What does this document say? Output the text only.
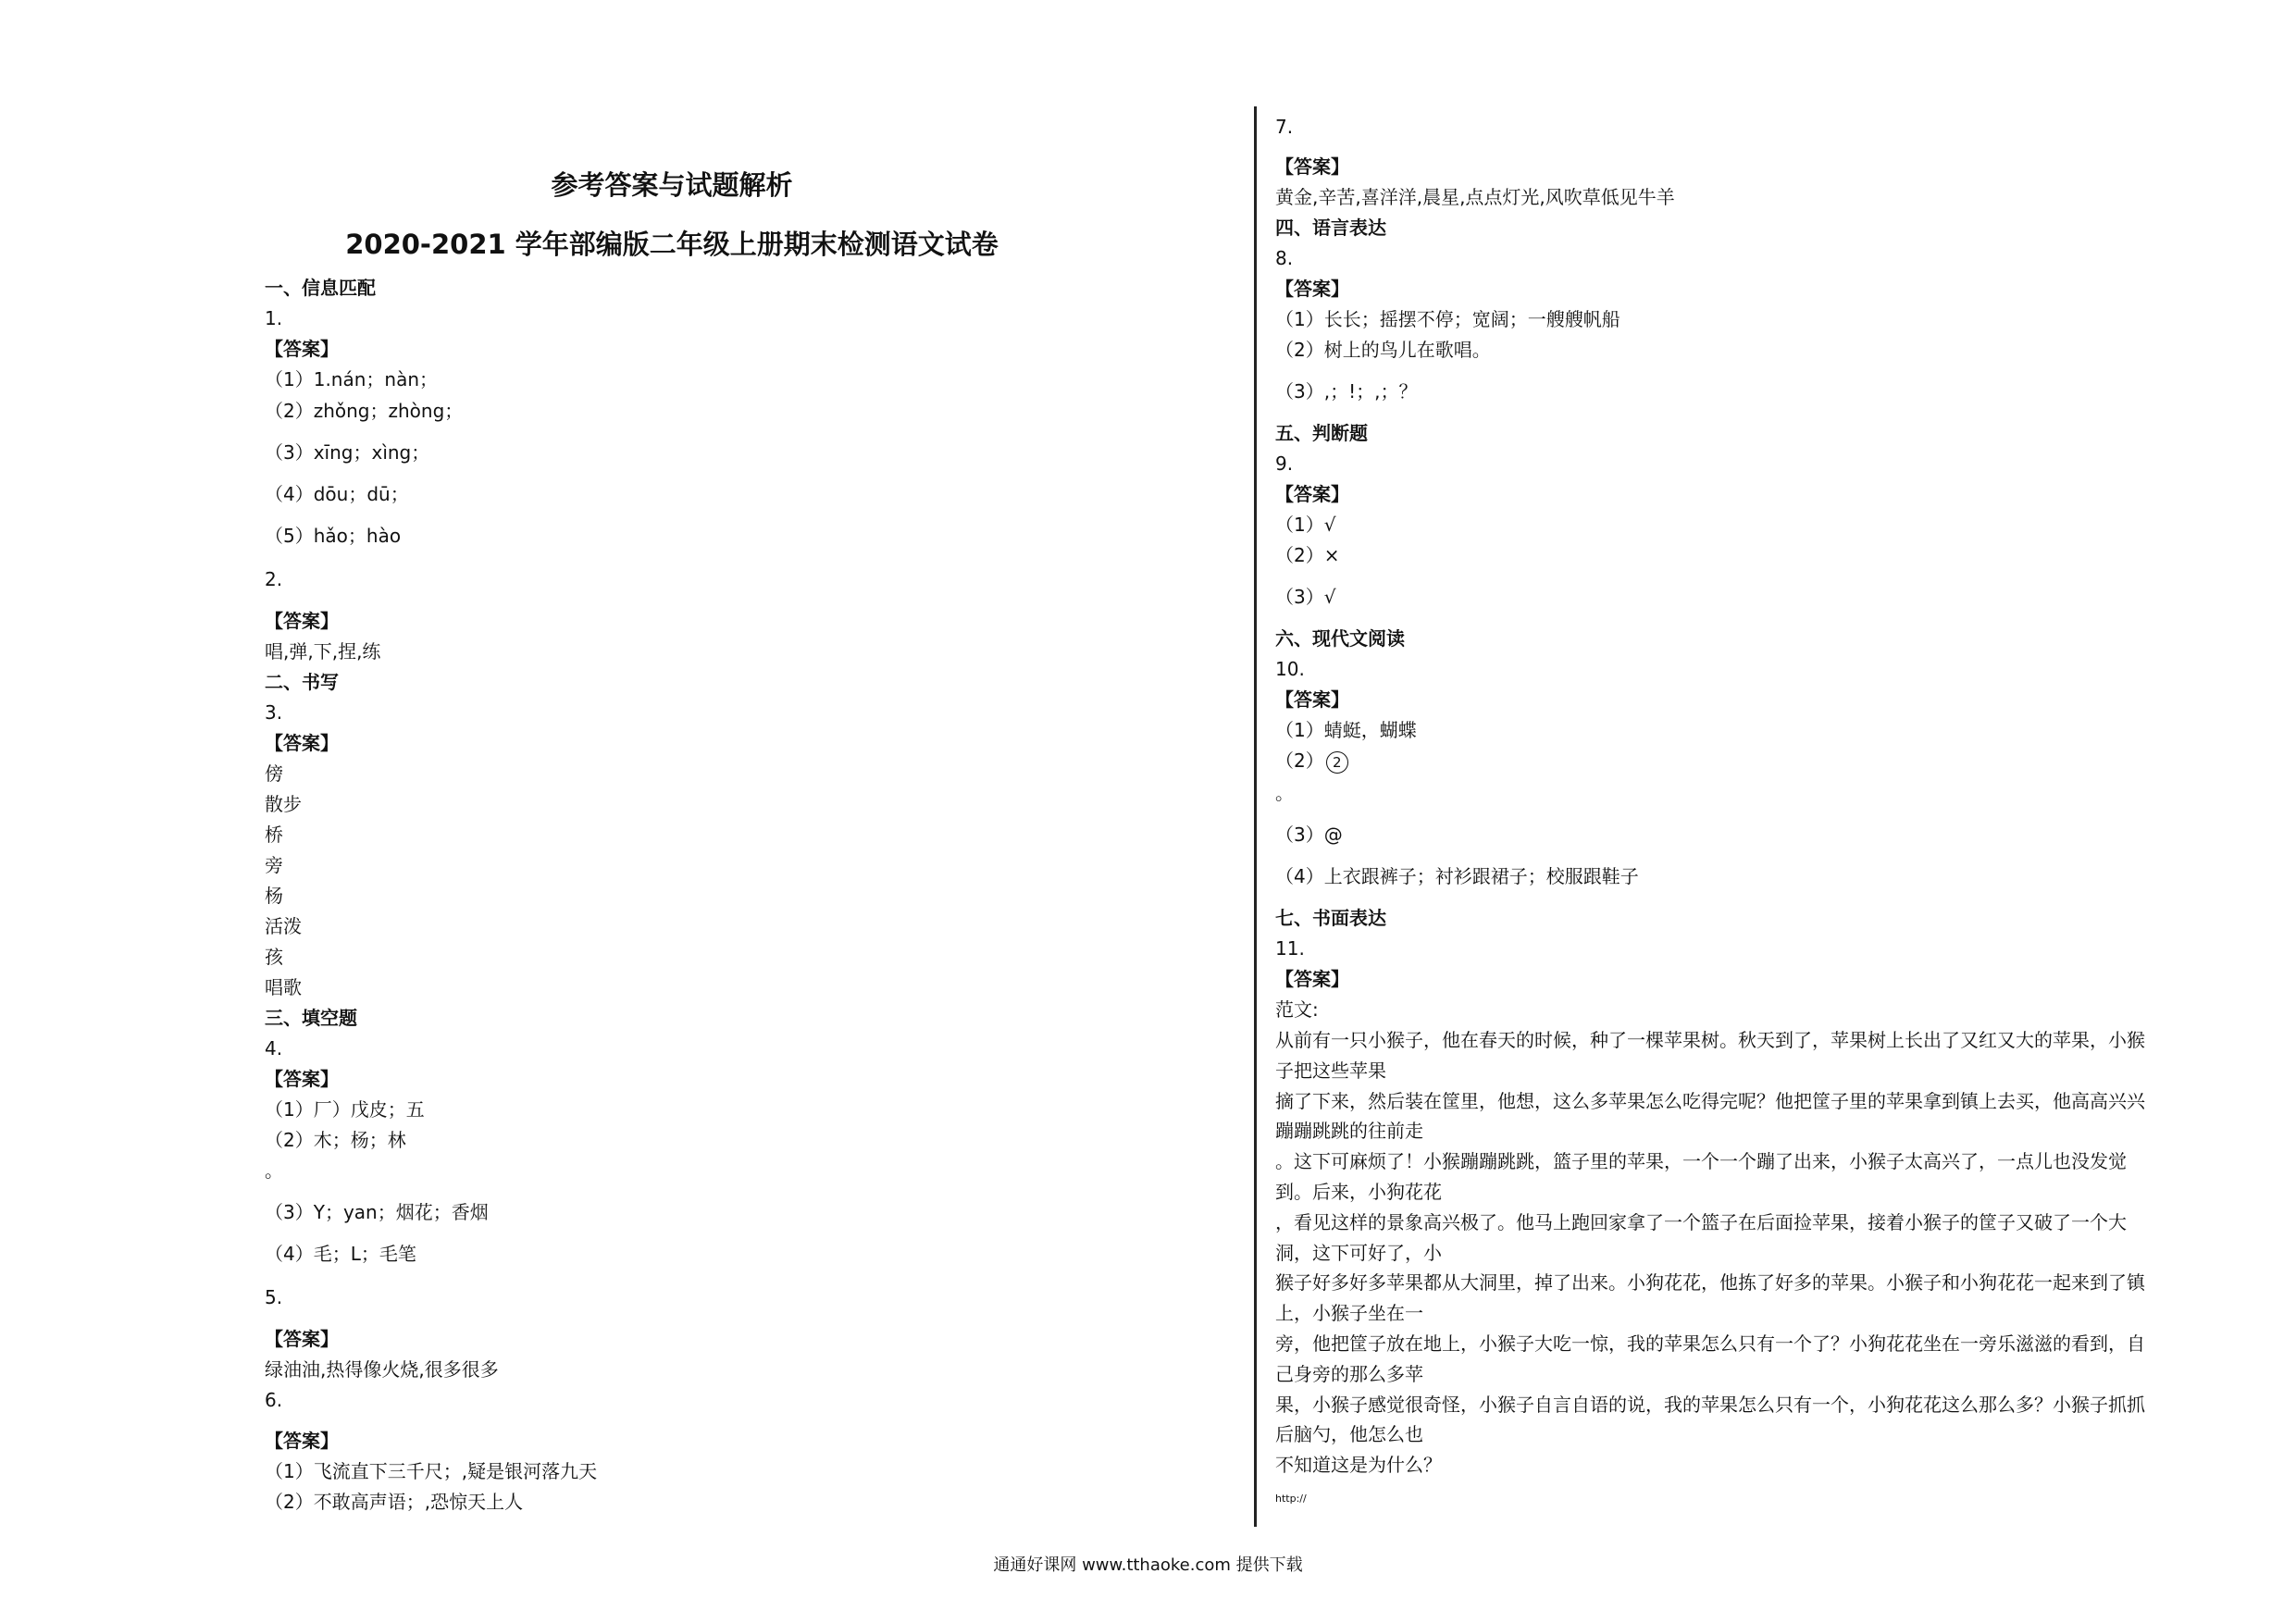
参考答案与试题解析
2020-2021 学年部编版二年级上册期末检测语文试卷
一、信息匹配
1.
【答案】
（1）1.nán；nàn；
（2）zhǒng；zhòng；
（3）xīng；xìng；
（4）dōu；dū；
（5）hǎo；hào
2.
【答案】
唱,弹,下,捏,练
二、书写
3.
【答案】
傍
散步
桥
旁
杨
活泼
孩
唱歌
三、填空题
4.
【答案】
（1）厂）戊皮；五
（2）木；杨；林
。
（3）Y；yan；烟花；香烟
（4）毛；L；毛笔
5.
【答案】
绿油油,热得像火烧,很多很多
6.
【答案】
（1）飞流直下三千尺；,疑是银河落九天
（2）不敢高声语；,恐惊天上人
7.
【答案】
黄金,辛苦,喜洋洋,晨星,点点灯光,风吹草低见牛羊
四、语言表达
8.
【答案】
（1）长长；摇摆不停；宽阔；一艘艘帆船
（2）树上的鸟儿在歌唱。
（3）,；!；,；？
五、判断题
9.
【答案】
（1）√
（2）×
（3）√
六、现代文阅读
10.
【答案】
（1）蜻蜓，蝴蝶
（2） 2
。
（3）@
（4）上衣跟裤子；衬衫跟裙子；校服跟鞋子
七、书面表达
11.
【答案】
范文:
从前有一只小猴子，他在春天的时候，种了一棵苹果树。秋天到了，苹果树上长出了又红又大的苹果，小猴
子把这些苹果
摘了下来，然后装在筐里，他想，这么多苹果怎么吃得完呢？他把筐子里的苹果拿到镇上去买，他高高兴兴
蹦蹦跳跳的往前走
。这下可麻烦了！小猴蹦蹦跳跳，篮子里的苹果，一个一个蹦了出来，小猴子太高兴了，一点儿也没发觉
到。后来，小狗花花
，看见这样的景象高兴极了。他马上跑回家拿了一个篮子在后面捡苹果，接着小猴子的筐子又破了一个大
洞，这下可好了，小
猴子好多好多苹果都从大洞里，掉了出来。小狗花花，他拣了好多的苹果。小猴子和小狗花花一起来到了镇
上，小猴子坐在一
旁，他把筐子放在地上，小猴子大吃一惊，我的苹果怎么只有一个了？小狗花花坐在一旁乐滋滋的看到，自
己身旁的那么多苹
果，小猴子感觉很奇怪，小猴子自言自语的说，我的苹果怎么只有一个，小狗花花这么那么多？小猴子抓抓
后脑勺，他怎么也
不知道这是为什么？
http://
通通好课网 www.tthaoke.com 提供下载
